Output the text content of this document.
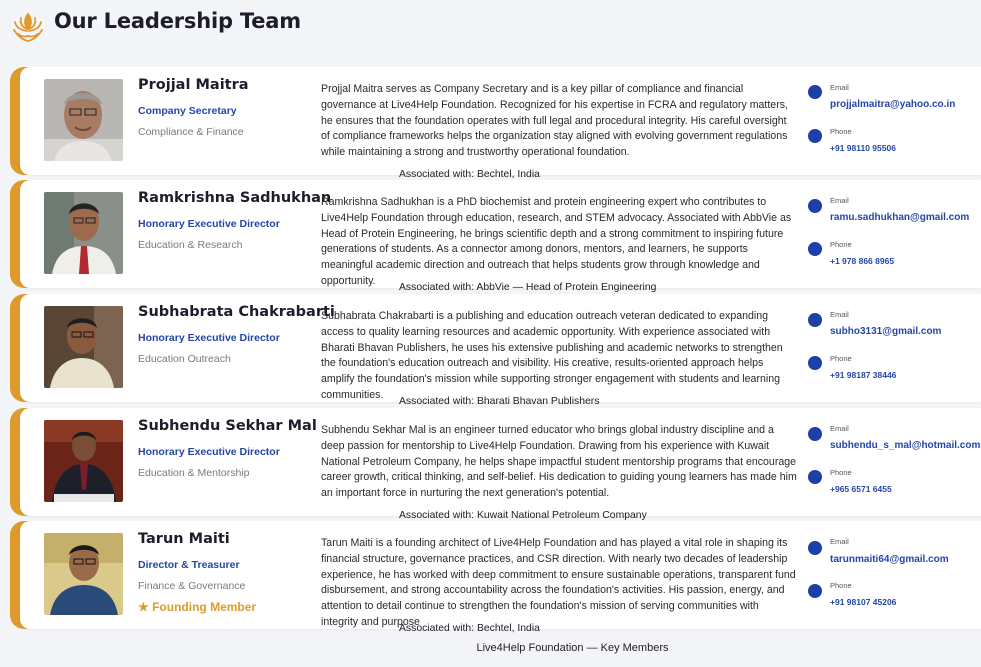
Our Leadership Team
Projjal Maitra
Company Secretary
Compliance & Finance
Projjal Maitra serves as Company Secretary and is a key pillar of compliance and financial governance at Live4Help Foundation. Recognized for his expertise in FCRA and regulatory matters, he ensures that the foundation operates with full legal and procedural integrity. His careful oversight of compliance frameworks helps the organization stay aligned with evolving government regulations while maintaining a strong and trustworthy operational foundation.
Associated with: Bechtel, India
Email
projjalmaitra@yahoo.co.in
Phone
+91 98110 95506
Ramkrishna Sadhukhan
Honorary Executive Director
Education & Research
Ramkrishna Sadhukhan is a PhD biochemist and protein engineering expert who contributes to Live4Help Foundation through education, research, and STEM advocacy. Associated with AbbVie as Head of Protein Engineering, he brings scientific depth and a strong commitment to inspiring future generations of students. As a connector among donors, mentors, and learners, he supports meaningful academic direction and outreach that helps students grow through knowledge and opportunity.
Associated with: AbbVie — Head of Protein Engineering
Email
ramu.sadhukhan@gmail.com
Phone
+1 978 866 8965
Subhabrata Chakrabarti
Honorary Executive Director
Education Outreach
Subhabrata Chakrabarti is a publishing and education outreach veteran dedicated to expanding access to quality learning resources and academic opportunity. With experience associated with Bharati Bhavan Publishers, he uses his extensive publishing and academic networks to strengthen the foundation's education outreach and visibility. His creative, results-oriented approach helps amplify the foundation's mission while supporting stronger engagement with students and learning communities.
Associated with: Bharati Bhavan Publishers
Email
subho3131@gmail.com
Phone
+91 98187 38446
Subhendu Sekhar Mal
Honorary Executive Director
Education & Mentorship
Subhendu Sekhar Mal is an engineer turned educator who brings global industry discipline and a deep passion for mentorship to Live4Help Foundation. Drawing from his experience with Kuwait National Petroleum Company, he helps shape impactful student mentorship programs that encourage career growth, critical thinking, and self-belief. His dedication to guiding young learners has made him an important force in nurturing the next generation's potential.
Associated with: Kuwait National Petroleum Company
Email
subhendu_s_mal@hotmail.com
Phone
+965 6571 6455
Tarun Maiti
Director & Treasurer
Finance & Governance
★ Founding Member
Tarun Maiti is a founding architect of Live4Help Foundation and has played a vital role in shaping its financial structure, governance practices, and CSR direction. With nearly two decades of leadership experience, he has worked with deep commitment to ensure sustainable operations, transparent fund disbursement, and strong accountability across the foundation's activities. His passion, energy, and attention to detail continue to strengthen the foundation's mission of serving communities with integrity and purpose
Associated with: Bechtel, India
Email
tarunmaiti64@gmail.com
Phone
+91 98107 45206
Live4Help Foundation — Key Members
